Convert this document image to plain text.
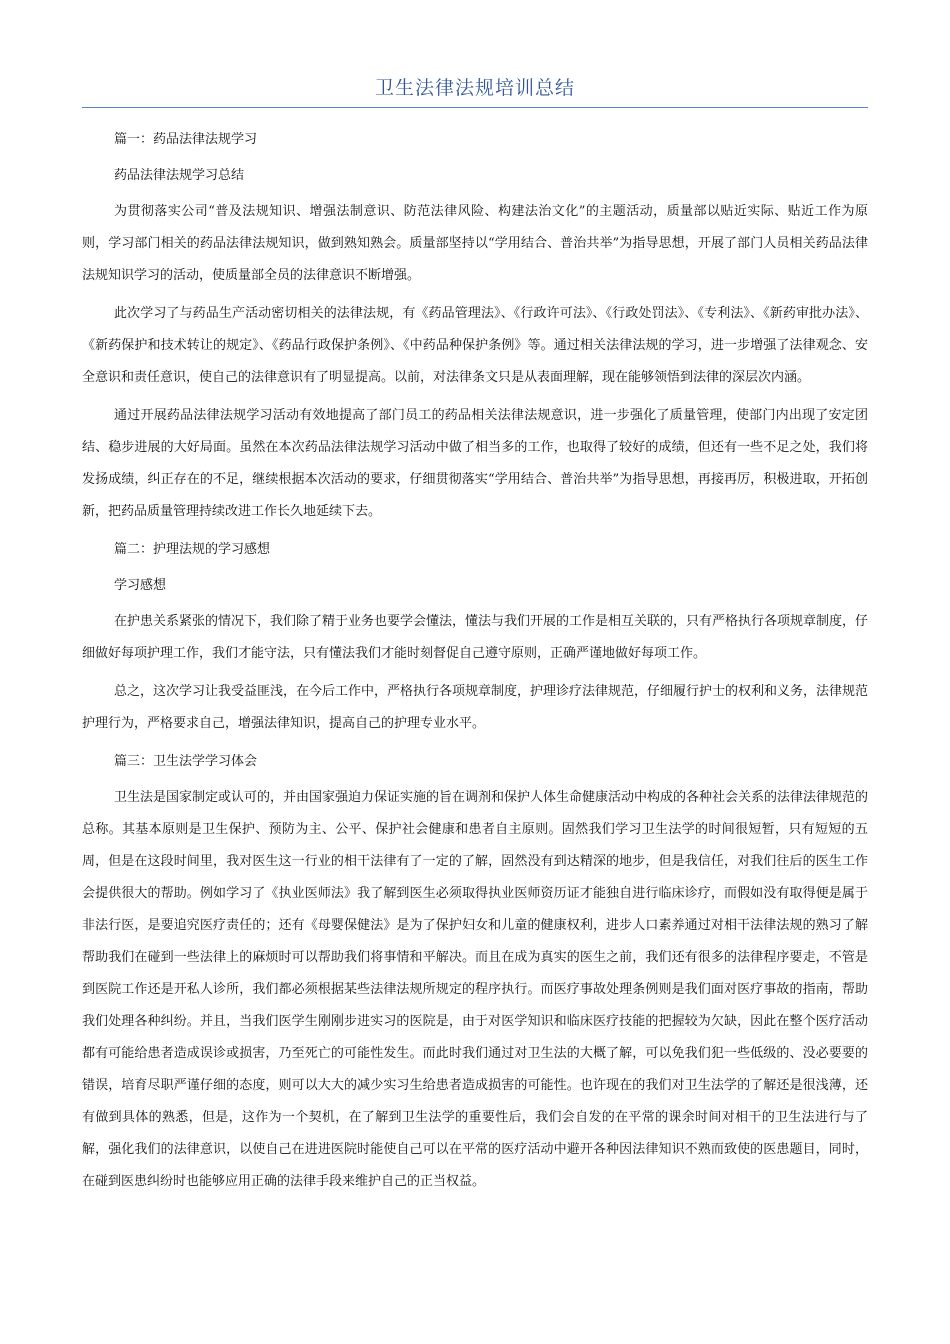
卫生法律法规培训总结

篇一：药品法律法规学习

药品法律法规学习总结

为贯彻落实公司“普及法规知识、增强法制意识、防范法律风险、构建法治文化”的主题活动，质量部以贴近实际、贴近工作为原则，学习部门相关的药品法律法规知识，做到熟知熟会。质量部坚持以“学用结合、普治共举”为指导思想，开展了部门人员相关药品法律法规知识学习的活动，使质量部全员的法律意识不断增强。

此次学习了与药品生产活动密切相关的法律法规，有《药品管理法》、《行政许可法》、《行政处罚法》、《专利法》、《新药审批办法》、《新药保护和技术转让的规定》、《药品行政保护条例》、《中药品种保护条例》等。通过相关法律法规的学习，进一步增强了法律观念、安全意识和责任意识，使自己的法律意识有了明显提高。以前，对法律条文只是从表面理解，现在能够领悟到法律的深层次内涵。

通过开展药品法律法规学习活动有效地提高了部门员工的药品相关法律法规意识，进一步强化了质量管理，使部门内出现了安定团结、稳步进展的大好局面。虽然在本次药品法律法规学习活动中做了相当多的工作，也取得了较好的成绩，但还有一些不足之处，我们将发扬成绩，纠正存在的不足，继续根据本次活动的要求，仔细贯彻落实“学用结合、普治共举”为指导思想，再接再厉，积极进取，开拓创新，把药品质量管理持续改进工作长久地延续下去。

篇二：护理法规的学习感想

学习感想

在护患关系紧张的情况下，我们除了精于业务也要学会懂法，懂法与我们开展的工作是相互关联的，只有严格执行各项规章制度，仔细做好每项护理工作，我们才能守法，只有懂法我们才能时刻督促自己遵守原则，正确严谨地做好每项工作。

总之，这次学习让我受益匪浅，在今后工作中，严格执行各项规章制度，护理诊疗法律规范，仔细履行护士的权利和义务，法律规范护理行为，严格要求自己，增强法律知识，提高自己的护理专业水平。

篇三：卫生法学学习体会

卫生法是国家制定或认可的，并由国家强迫力保证实施的旨在调剂和保护人体生命健康活动中构成的各种社会关系的法律法律规范的总称。其基本原则是卫生保护、预防为主、公平、保护社会健康和患者自主原则。固然我们学习卫生法学的时间很短暂，只有短短的五周，但是在这段时间里，我对医生这一行业的相干法律有了一定的了解，固然没有到达精深的地步，但是我信任，对我们往后的医生工作会提供很大的帮助。例如学习了《执业医师法》我了解到医生必须取得执业医师资历证才能独自进行临床诊疗，而假如没有取得便是属于非法行医，是要追究医疗责任的；还有《母婴保健法》是为了保护妇女和儿童的健康权利，进步人口素养通过对相干法律法规的熟习了解帮助我们在碰到一些法律上的麻烦时可以帮助我们将事情和平解决。而且在成为真实的医生之前，我们还有很多的法律程序要走，不管是到医院工作还是开私人诊所，我们都必须根据某些法律法规所规定的程序执行。而医疗事故处理条例则是我们面对医疗事故的指南，帮助我们处理各种纠纷。并且，当我们医学生刚刚步进实习的医院是，由于对医学知识和临床医疗技能的把握较为欠缺，因此在整个医疗活动都有可能给患者造成误诊或损害，乃至死亡的可能性发生。而此时我们通过对卫生法的大概了解，可以免我们犯一些低级的、没必要要的错误，培育尽职严谨仔细的态度，则可以大大的减少实习生给患者造成损害的可能性。也许现在的我们对卫生法学的了解还是很浅薄，还有做到具体的熟悉，但是，这作为一个契机，在了解到卫生法学的重要性后，我们会自发的在平常的课余时间对相干的卫生法进行与了解，强化我们的法律意识，以使自己在进进医院时能使自己可以在平常的医疗活动中避开各种因法律知识不熟而致使的医患题目，同时，在碰到医患纠纷时也能够应用正确的法律手段来维护自己的正当权益。
